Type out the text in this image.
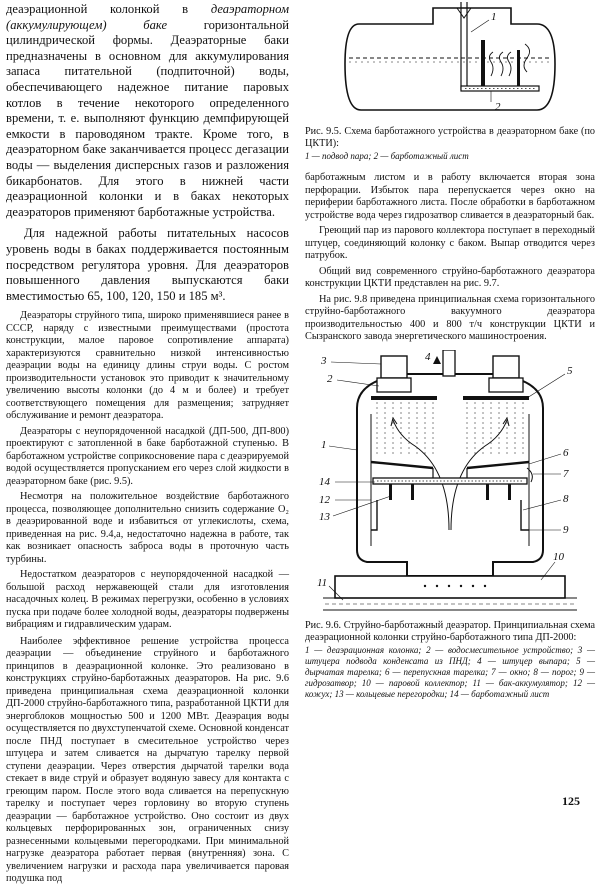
деаэрационной колонкой в деаэраторном (аккумулирующем) баке горизонтальной цилиндрической формы. Деаэраторные баки предназначены в основном для аккумулирования запаса питательной (подпиточной) воды, обеспечивающего надежное питание паровых котлов в течение некоторого определенного времени, т. е. выполняют функцию демпфирующей емкости в пароводяном тракте. Кроме того, в деаэраторном баке заканчивается процесс дегазации воды — выделения дисперсных газов и разложения бикарбонатов. Для этого в нижней части деаэрационной колонки и в баках некоторых деаэраторов применяют барботажные устройства.

Для надежной работы питательных насосов уровень воды в баках поддерживается постоянным посредством регулятора уровня. Для деаэраторов повышенного давления выпускаются баки вместимостью 65, 100, 120, 150 и 185 м³.

Деаэраторы струйного типа, широко применявшиеся ранее в СССР, наряду с известными преимуществами (простота конструкции, малое паровое сопротивление аппарата) характеризуются сравнительно низкой интенсивностью деаэрации воды на единицу длины струи воды. С ростом производительности установок это приводит к значительному увеличению высоты колонки (до 4 м и более) и требует соответствующего помещения для размещения; затрудняет обслуживание и ремонт деаэратора.

Деаэраторы с неупорядоченной насадкой (ДП-500, ДП-800) проектируют с затопленной в баке барботажной ступенью. В барботажном устройстве соприкосновение пара с деаэрируемой водой осуществляется пропусканием его через слой жидкости в деаэраторном баке (рис. 9.5).

Несмотря на положительное воздействие барботажного процесса, позволяющее дополнительно снизить содержание O₂ в деаэрированной воде и избавиться от углекислоты, схема, приведенная на рис. 9.4,а, недостаточно надежна в работе, так как возникает опасность заброса воды в проточную часть турбины.

Недостатком деаэраторов с неупорядоченной насадкой — большой расход нержавеющей стали для изготовления насадочных колец. В режимах перегрузки, особенно в условиях пуска при подаче более холодной воды, деаэраторы подвержены вибрациям и гидравлическим ударам.

Наиболее эффективное решение устройства процесса деаэрации — объединение струйного и барботажного принципов в деаэрационной колонке. Это реализовано в конструкциях струйно-барботажных деаэраторов. На рис. 9.6 приведена принципиальная схема деаэрационной колонки ДП-2000 струйно-барботажного типа, разработанной ЦКТИ для энергоблоков мощностью 500 и 1200 МВт. Деаэрация воды осуществляется по двухступенчатой схеме. Основной конденсат после ПНД поступает в смесительное устройство через штуцера и затем сливается на дырчатую тарелку первой ступени деаэрации. Через отверстия дырчатой тарелки вода стекает в виде струй и образует водяную завесу для контакта с греющим паром. После этого вода сливается на перепускную тарелку и поступает через горловину во вторую ступень деаэрации — барботажное устройство. Оно состоит из двух кольцевых перфорированных зон, ограниченных снизу разнесенными кольцевыми перегородками. При минимальной нагрузке деаэратора работает первая (внутренняя) зона. С увеличением нагрузки и расхода пара увеличивается паровая подушка под

1
2

Рис. 9.5. Схема барботажного устройства в деаэраторном баке (по ЦКТИ):

1 — подвод пара; 2 — барботажный лист

барботажным листом и в работу включается вторая зона перфорации. Избыток пара перепускается через окно на периферии барботажного листа. После обработки в барботажном устройстве вода через гидрозатвор сливается в деаэраторный бак.

Греющий пар из парового коллектора поступает в переходный штуцер, соединяющий колонку с баком. Выпар отводится через патрубок.

Общий вид современного струйно-барботажного деаэратора конструкции ЦКТИ представлен на рис. 9.7.

На рис. 9.8 приведена принципиальная схема горизонтального струйно-барботажного вакуумного деаэратора производительностью 400 и 800 т/ч конструкции ЦКТИ и Сызранского завода энергетического машиностроения.

1
2
3	4
5
6
7
8
9
10
11
12
13
14

Рис. 9.6. Струйно-барботажный деаэратор. Принципиальная схема деаэрационной колонки струйно-барботажного типа ДП-2000:

1 — деаэрационная колонка; 2 — водосмесительное устройство; 3 — штуцера подвода конденсата из ПНД; 4 — штуцер выпара; 5 — дырчатая тарелка; 6 — перепускная тарелка; 7 — окно; 8 — порог; 9 — гидрозатвор; 10 — паровой коллектор; 11 — бак-аккумулятор; 12 — кожух; 13 — кольцевые перегородки; 14 — барботажный лист

125
